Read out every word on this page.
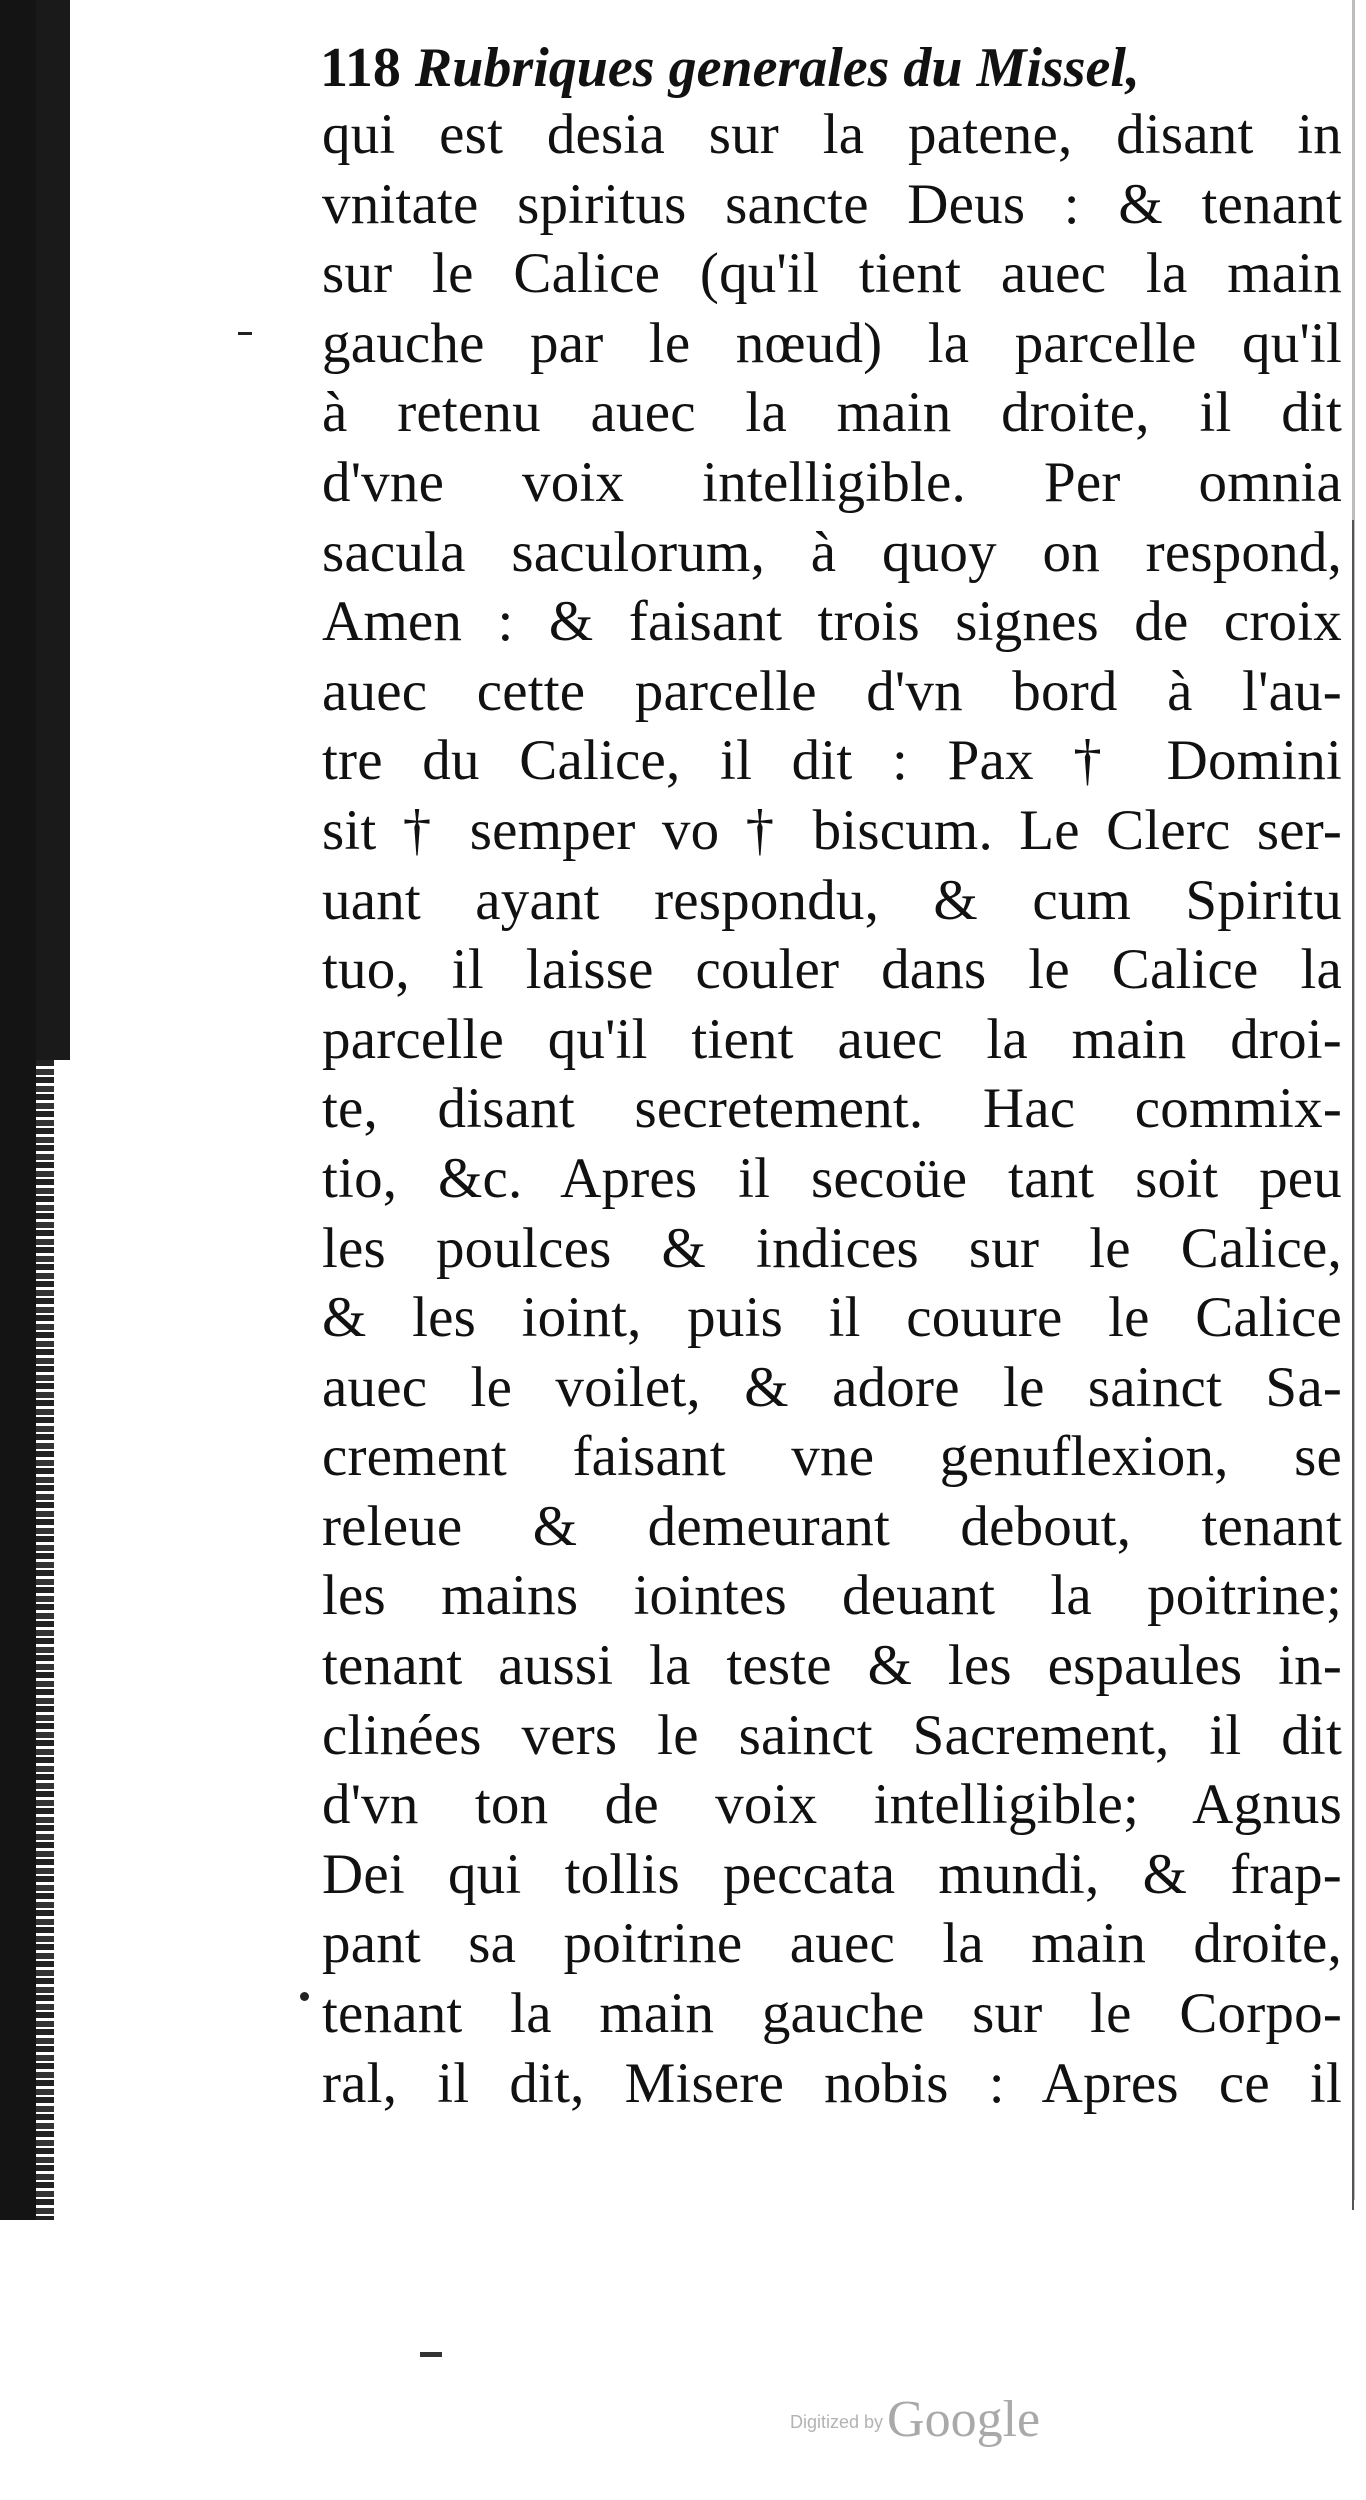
118 Rubriques generales du Missel,
qui est desia sur la patene, disant in
vnitate spiritus sancte Deus : & tenant
sur le Calice (qu'il tient auec la main
gauche par le nœud) la parcelle qu'il
à retenu auec la main droite, il dit
d'vne voix intelligible. Per omnia
sacula saculorum, à quoy on respond,
Amen : & faisant trois signes de croix
auec cette parcelle d'vn bord à l'au-
tre du Calice, il dit : Pax † Domini
sit † semper vo † biscum. Le Clerc ser-
uant ayant respondu, & cum Spiritu
tuo, il laisse couler dans le Calice la
parcelle qu'il tient auec la main droi-
te, disant secretement. Hac commix-
tio, &c. Apres il secoüe tant soit peu
les poulces & indices sur le Calice,
& les ioint, puis il couure le Calice
auec le voilet, & adore le sainct Sa-
crement faisant vne genuflexion, se
releue & demeurant debout, tenant
les mains iointes deuant la poitrine;
tenant aussi la teste & les espaules in-
clinées vers le sainct Sacrement, il dit
d'vn ton de voix intelligible; Agnus
Dei qui tollis peccata mundi, & frap-
pant sa poitrine auec la main droite,
tenant la main gauche sur le Corpo-
ral, il dit, Misere nobis : Apres ce il
Digitized byGoogle
